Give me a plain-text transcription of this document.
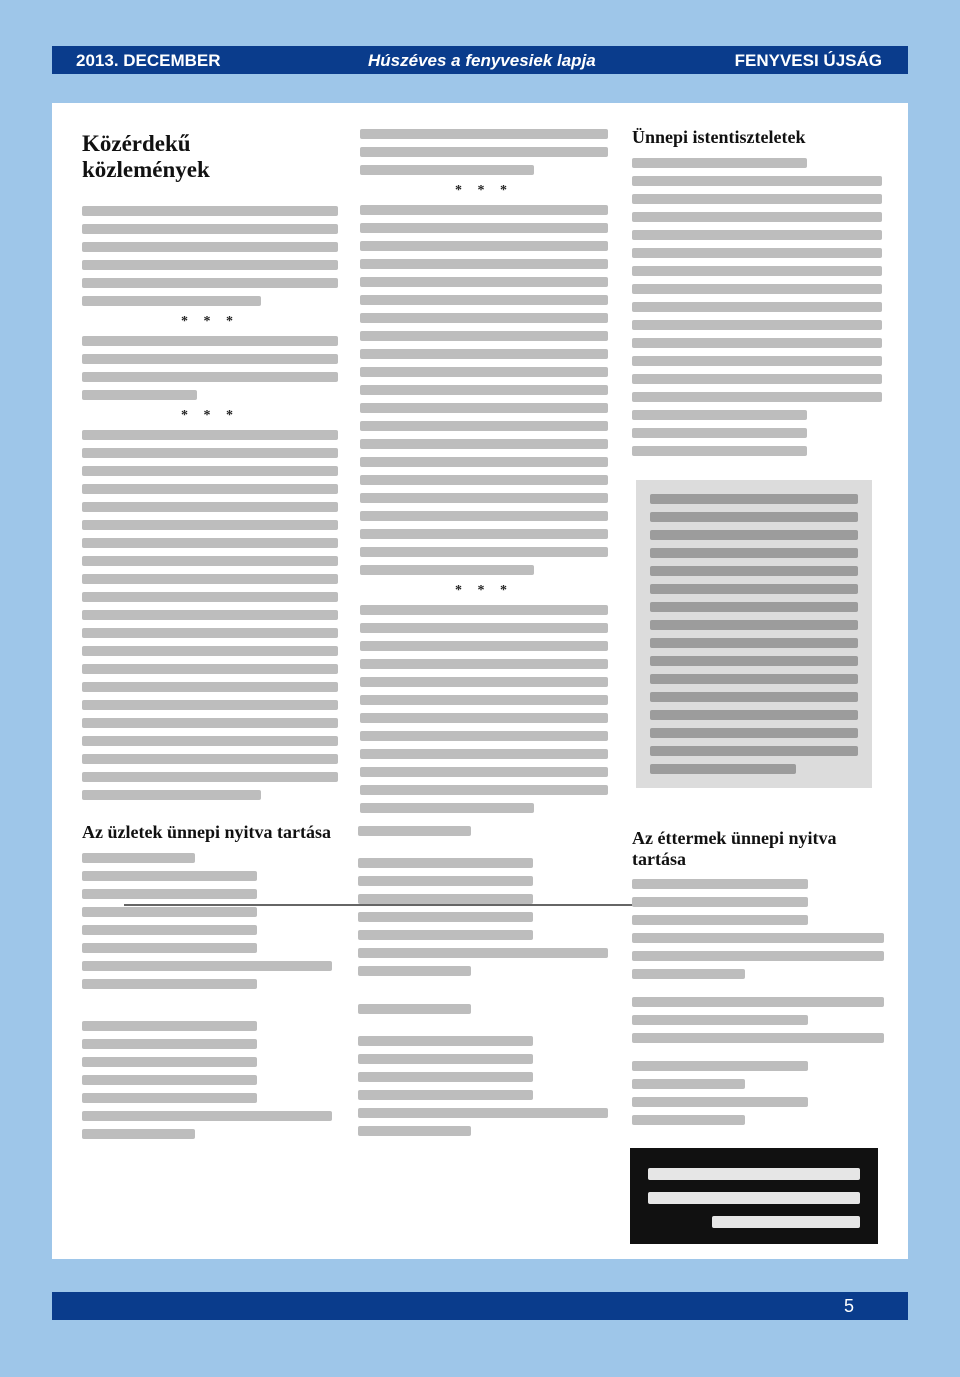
2013. DECEMBER	Húszéves a fenyvesiek lapja	FENYVESI ÚJSÁG
Közérdekű közlemények
* * *
* * *
* * *
* * *
Ünnepi istentiszteletek
Az üzletek ünnepi nyitva tartása	Az éttermek ünnepi nyitva tartása
5
